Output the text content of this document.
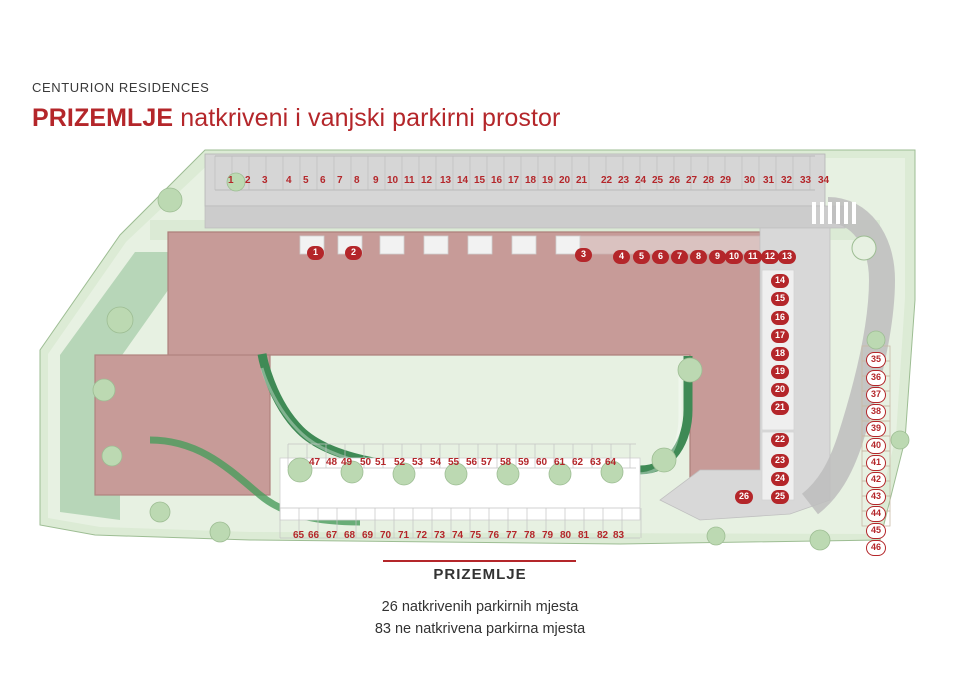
CENTURION RESIDENCES
PRIZEMLJE natkriveni i vanjski parkirni prostor
1 2 3 4 5 6 7 8 9 10 11 12 13 14 15 16 17 18 19 20 21 22 23 24 25 26 27 28 29 30 31 32 33 34
1	2	3	4	5	6	7	8	9	10 11 12 13
14
15
16
17
18
19
20
21
22
23
24
25
26
35
36
37
38
39
40
41
42
43
44
45
46
47 48 49 50 51 52 53 54 55 56 57 58 59 60 61 62 63 64
65 66 67 68 69 70 71 72 73 74 75 76 77 78 79 80 81 82 83
PRIZEMLJE
26 natkrivenih parkirnih mjesta
83 ne natkrivena parkirna mjesta
